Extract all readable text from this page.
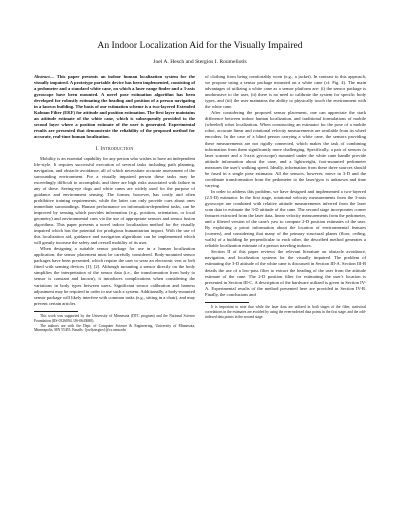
An Indoor Localization Aid for the Visually Impaired
Joel A. Hesch and Stergios I. Roumeliotis

Abstract— This paper presents an indoor human localization system for the visually impaired. A prototype portable device has been implemented, consisting of a pedometer and a standard white cane, on which a laser range finder and a 3-axis gyroscope have been mounted. A novel pose estimation algorithm has been developed for robustly estimating the heading and position of a person navigating in a known building. The basis of our estimation scheme is a two-layered Extended Kalman Filter (EKF) for attitude and position estimation. The first layer maintains an attitude estimate of the white cane, which is subsequently provided to the second layer where a position estimate of the user is generated. Experimental results are presented that demonstrate the reliability of the proposed method for accurate, real-time human localization.

I. Introduction

Mobility is an essential capability for any person who wishes to have an independent life-style. It requires successful execution of several tasks including path planning, navigation, and obstacle avoidance, all of which necessitate accurate assessment of the surrounding environment. For a visually impaired person these tasks may be exceedingly difficult to accomplish, and there are high risks associated with failure in any of these. Seeing-eye dogs and white canes are widely used for the purpose of guidance and environment sensing. The former, however, has costly and often prohibitive training requirements, while the latter can only provide cues about ones immediate surroundings. Human performance on information-dependent tasks, can be improved by sensing which provides information (e.g., position, orientation, or local geometry) and environmental cues via the use of appropriate sensors and sensor fusion algorithms. This paper presents a novel indoor localization method for the visually impaired which has the potential for prodigious humanitarian impact. With the use of this localization aid, guidance and navigation algorithms can be implemented which will greatly increase the safety and overall mobility of its user.

When designing a suitable sensor package for use in a human localization application, the sensor placement must be carefully considered. Body-mounted sensor packages have been presented, which require the user to wear an electronic vest or belt fitted with sensing devices [1], [2]. Although mounting a sensor directly on the body simplifies the interpretation of the sensor data (i.e., the transformation from body to sensor is constant and known), it introduces complications when considering the variations in body types between users. Significant sensor calibration and harness adjustment may be required in order to use such a system. Additionally, a body-mounted sensor package will likely interfere with common tasks (e.g., sitting in a chair), and may prevent certain articles

This work was supported by the University of Minnesota (DTC program) and the National Science Foundation (IIS-0326894, IIS-0643680).

The authors are with the Dept. of Computer Science & Engineering, University of Minnesota, Minneapolis, MN 55455. Emails: {joel|stergios}@cs.umn.edu

of clothing from being comfortably worn (e.g., a jacket). In contrast to this approach, we propose using a sensor package mounted on a white cane (cf. Fig. 4). The main advantages of utilizing a white cane as a sensor platform are: (i) the sensor package is unobtrusive to the user, (ii) there is no need to calibrate the system for specific body types, and (iii) the user maintains the ability to physically touch the environment with the white cane.

After considering the proposed sensor placement, one can appreciate the stark difference between indoor human localization, and traditional formulations of mobile (wheeled) robot localization. When constructing an estimator for the pose of a mobile robot, accurate linear and rotational velocity measurements are available from its wheel encoders. In the case of a blind person carrying a white cane, the sensors providing these measurements are not rigidly connected, which makes the task of combining information from them significantly more challenging. Specifically, a pair of sensors (a laser scanner and a 3-axis gyroscope) mounted under the white cane handle provide attitude information about the cane, and a lightweight, foot-mounted pedometer measures the user's walking speed. Ideally, information from these three sources should be fused in a single pose estimator. All the sensors, however, move in 3-D and the coordinate transformation from the pedometer to the laser/gyro is unknown and time varying.

In order to address this problem, we have designed and implemented a two-layered (2.5-D) estimator. In the first stage, rotational velocity measurements from the 3-axis gyroscope are combined with relative attitude measurements inferred from the laser scan data to estimate the 3-D attitude of the cane. The second stage incorporates corner features extracted from the laser data, linear velocity measurements from the pedometer, and a filtered version of the cane's yaw to compute 2-D position estimates of the user. By exploiting a priori information about the location of environmental features (corners), and considering that many of the primary structural planes (floor, ceiling, walls) of a building lie perpendicular to each other, the described method generates a reliable localization estimate of a person traveling indoors.

Section II of this paper reviews the relevant literature on obstacle avoidance, navigation, and localization systems for the visually impaired. The problem of estimating the 3-D attitude of the white cane is discussed in Section III-A. Section III-B details the use of a low-pass filter to extract the heading of the user from the attitude estimate of the cane. The 2-D position filter for estimating the user's location is presented in Section III-C. A description of the hardware utilized is given in Section IV-A. Experimental results of the method presented here are provided in Section IV-B. Finally, the conclusions and

It is important to note that while the laser data are utilized in both stages of the filter, statistical correlations in the estimates are avoided by using the even-indexed data points in the first stage, and the odd-indexed data points in the second stage.
